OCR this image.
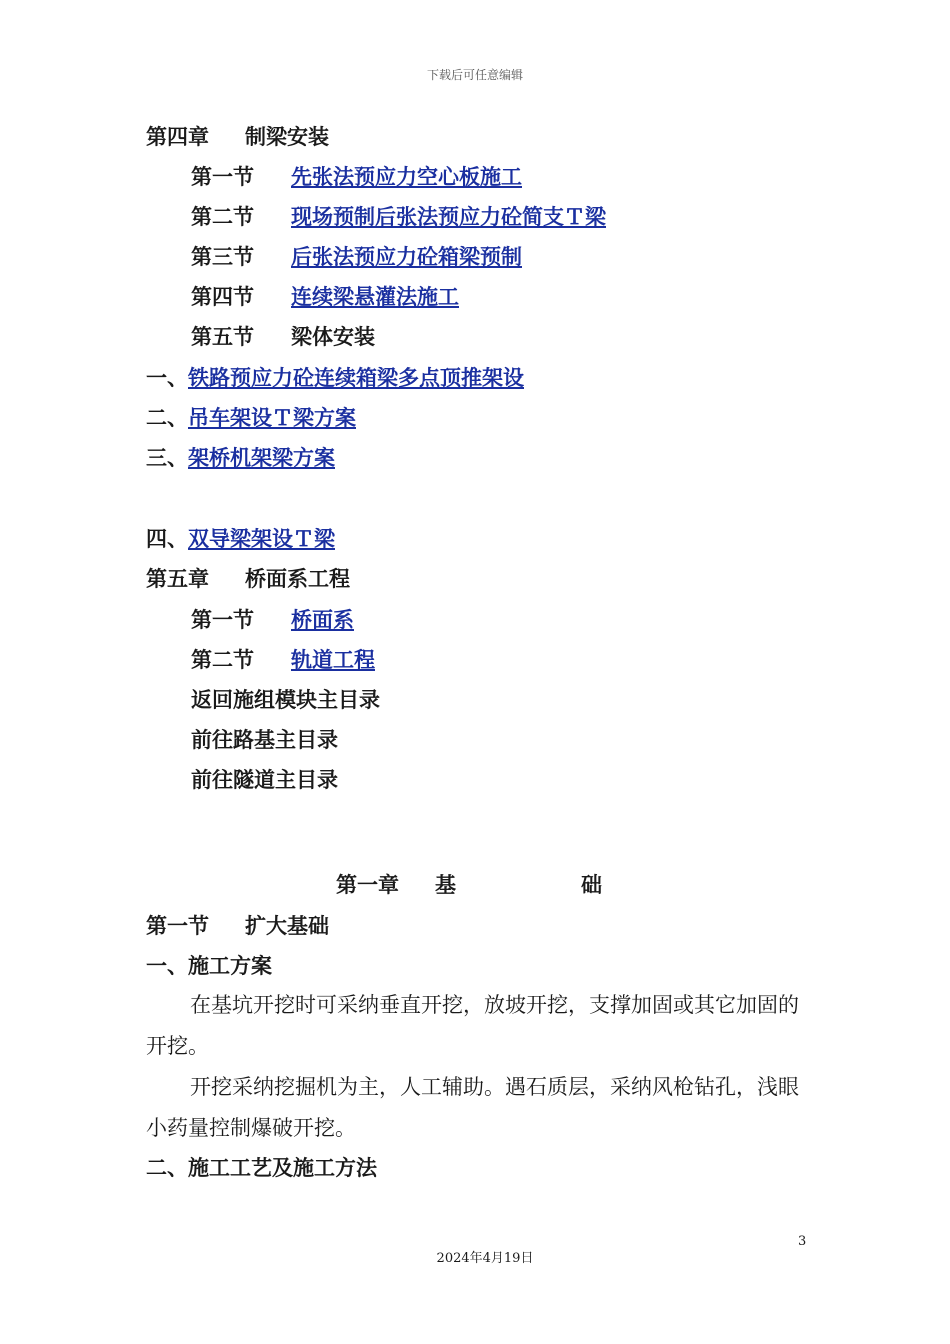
下载后可任意编辑
第四章 制梁安装
第一节 先张法预应力空心板施工
第二节 现场预制后张法预应力砼简支Ｔ梁
第三节 后张法预应力砼箱梁预制
第四节 连续梁悬灌法施工
第五节 梁体安装
一、铁路预应力砼连续箱梁多点顶推架设
二、吊车架设Ｔ梁方案
三、架桥机架梁方案
四、双导梁架设Ｔ梁
第五章 桥面系工程
第一节 桥面系
第二节 轨道工程
返回施组模块主目录
前往路基主目录
前往隧道主目录
第一章 基	础
第一节 扩大基础
一、施工方案
在基坑开挖时可采纳垂直开挖，放坡开挖，支撑加固或其它加固的开挖。
开挖采纳挖掘机为主，人工辅助。遇石质层，采纳风枪钻孔，浅眼小药量控制爆破开挖。
二、施工工艺及施工方法
3
2024年4月19日
